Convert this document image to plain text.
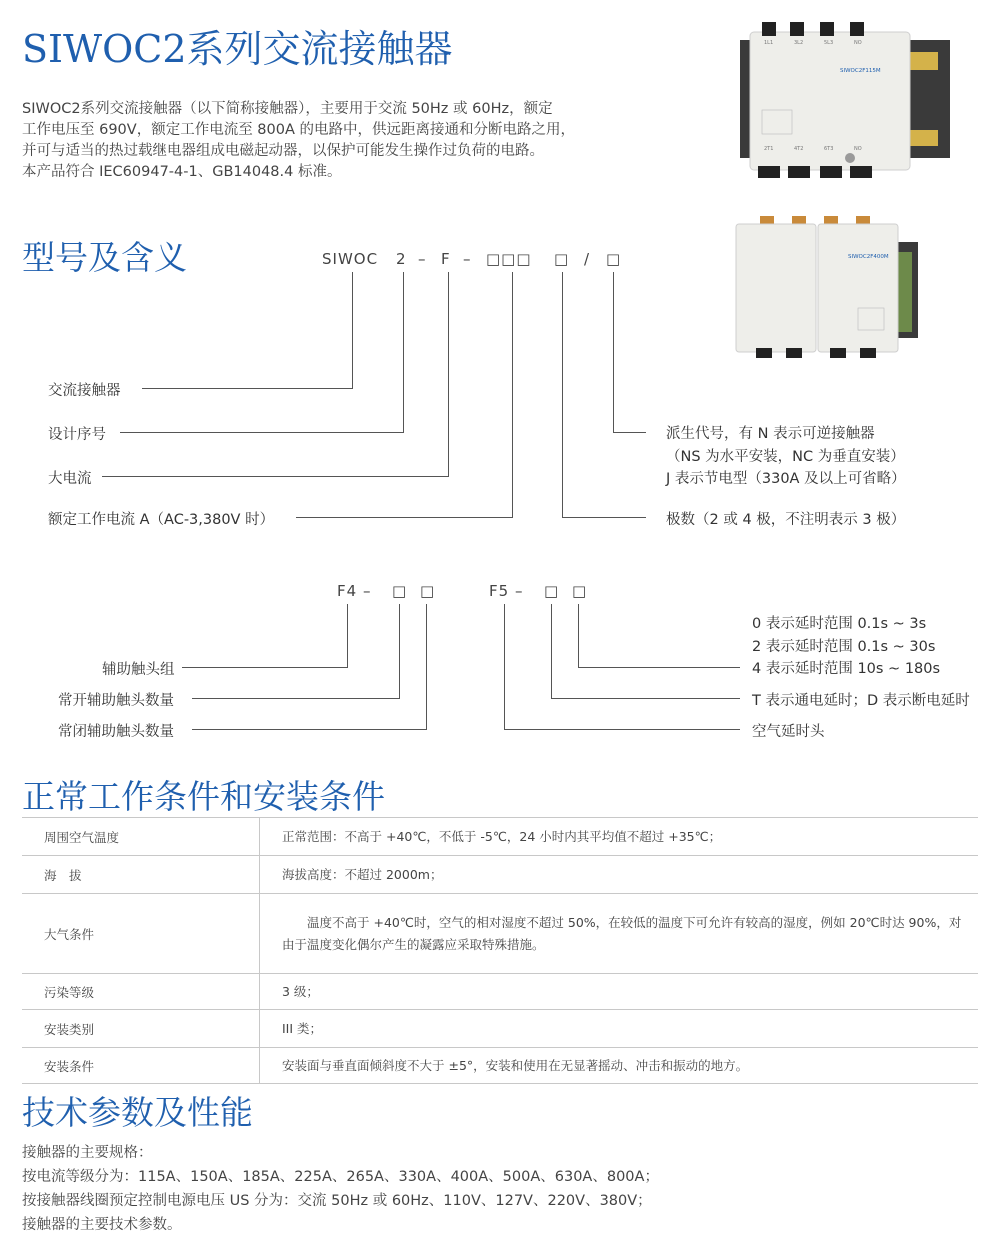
SIWOC2系列交流接触器
SIWOC2系列交流接触器（以下简称接触器），主要用于交流 50Hz 或 60Hz，额定
工作电压至 690V，额定工作电流至 800A 的电路中，供远距离接通和分断电路之用，
并可与适当的热过载继电器组成电磁起动器，以保护可能发生操作过负荷的电路。
本产品符合 IEC60947-4-1、GB14048.4 标准。
1L1	3L2	5L3	NO
SIWOC2F115M
2T1	4T2	6T3	NO
SIWOC2F400M
型号及含义	SIWOC 2 – F – □□□ □ / □
交流接触器
设计序号
大电流
额定工作电流 A（AC-3,380V 时）
派生代号，有 N 表示可逆接触器
（NS 为水平安装，NC 为垂直安装）
J 表示节电型（330A 及以上可省略）
极数（2 或 4 极，不注明表示 3 极）
F4 – □ □
辅助触头组
常开辅助触头数量
常闭辅助触头数量
F5 – □ □
0 表示延时范围 0.1s ~ 3s
2 表示延时范围 0.1s ~ 30s
4 表示延时范围 10s ~ 180s
T 表示通电延时；D 表示断电延时
空气延时头
正常工作条件和安装条件
周围空气温度	正常范围：不高于 +40℃，不低于 -5℃，24 小时内其平均值不超过 +35℃；
海　拔	海拔高度：不超过 2000m；
大气条件	　　温度不高于 +40℃时，空气的相对湿度不超过 50%，在较低的温度下可允许有较高的湿度，例如 20℃时达 90%，对由于温度变化偶尔产生的凝露应采取特殊措施。
污染等级	3 级；
安装类别	III 类；
安装条件	安装面与垂直面倾斜度不大于 ±5°，安装和使用在无显著摇动、冲击和振动的地方。
技术参数及性能
接触器的主要规格：
按电流等级分为：115A、150A、185A、225A、265A、330A、400A、500A、630A、800A；
按接触器线圈预定控制电源电压 US 分为：交流 50Hz 或 60Hz、110V、127V、220V、380V；
接触器的主要技术参数。
